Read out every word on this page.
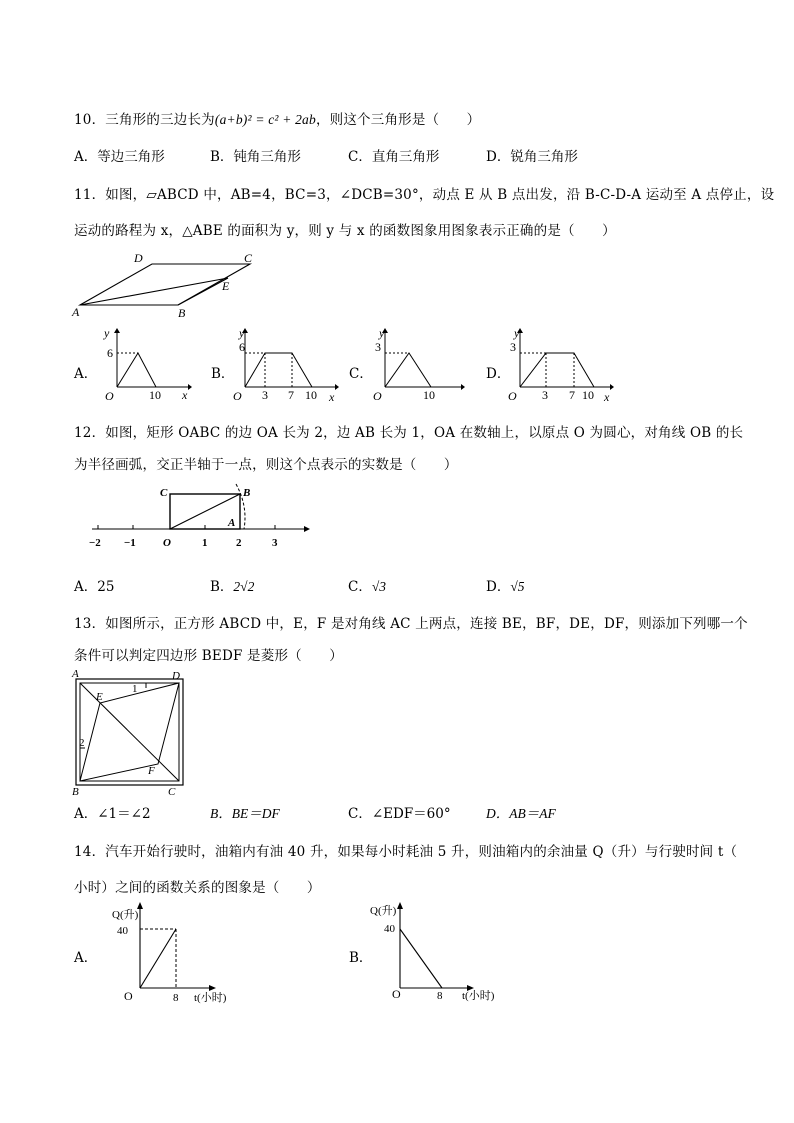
10．三角形的三边长为(a+b)² = c² + 2ab，则这个三角形是（　　）
A．等边三角形	B．钝角三角形	C．直角三角形	D．锐角三角形
11．如图，▱ABCD 中，AB=4，BC=3，∠DCB=30°，动点 E 从 B 点出发，沿 B-C-D-A 运动至 A 点停止，设
运动的路程为 x，△ABE 的面积为 y，则 y 与 x 的函数图象用图象表示正确的是（　　）
A	B
C
D
E
A．
y
6
O	10 x
B．
y
6
O 3 7 10 x
C．
y
3
O	10
D．
y
3
O 3 7 10 x
12．如图，矩形 OABC 的边 OA 长为 2，边 AB 长为 1，OA 在数轴上，以原点 O 为圆心，对角线 OB 的长
为半径画弧，交正半轴于一点，则这个点表示的实数是（　　）
C	B
A
−2 −1 O	1	2	3
A．25	B．2√2	C．√3	D．√5
13．如图所示，正方形 ABCD 中，E，F 是对角线 AC 上两点，连接 BE，BF，DE，DF，则添加下列哪一个
条件可以判定四边形 BEDF 是菱形（　　）
A	D
B	C
E
F
1
2
A．∠1＝∠2	B．BE＝DF	C．∠EDF＝60°	D．AB＝AF
14．汽车开始行驶时，油箱内有油 40 升，如果每小时耗油 5 升，则油箱内的余油量 Q（升）与行驶时间 t（
小时）之间的函数关系的图象是（　　）
A．
Q(升)
40
O	8 t(小时)
B．
Q(升)
40
O	8 t(小时)
